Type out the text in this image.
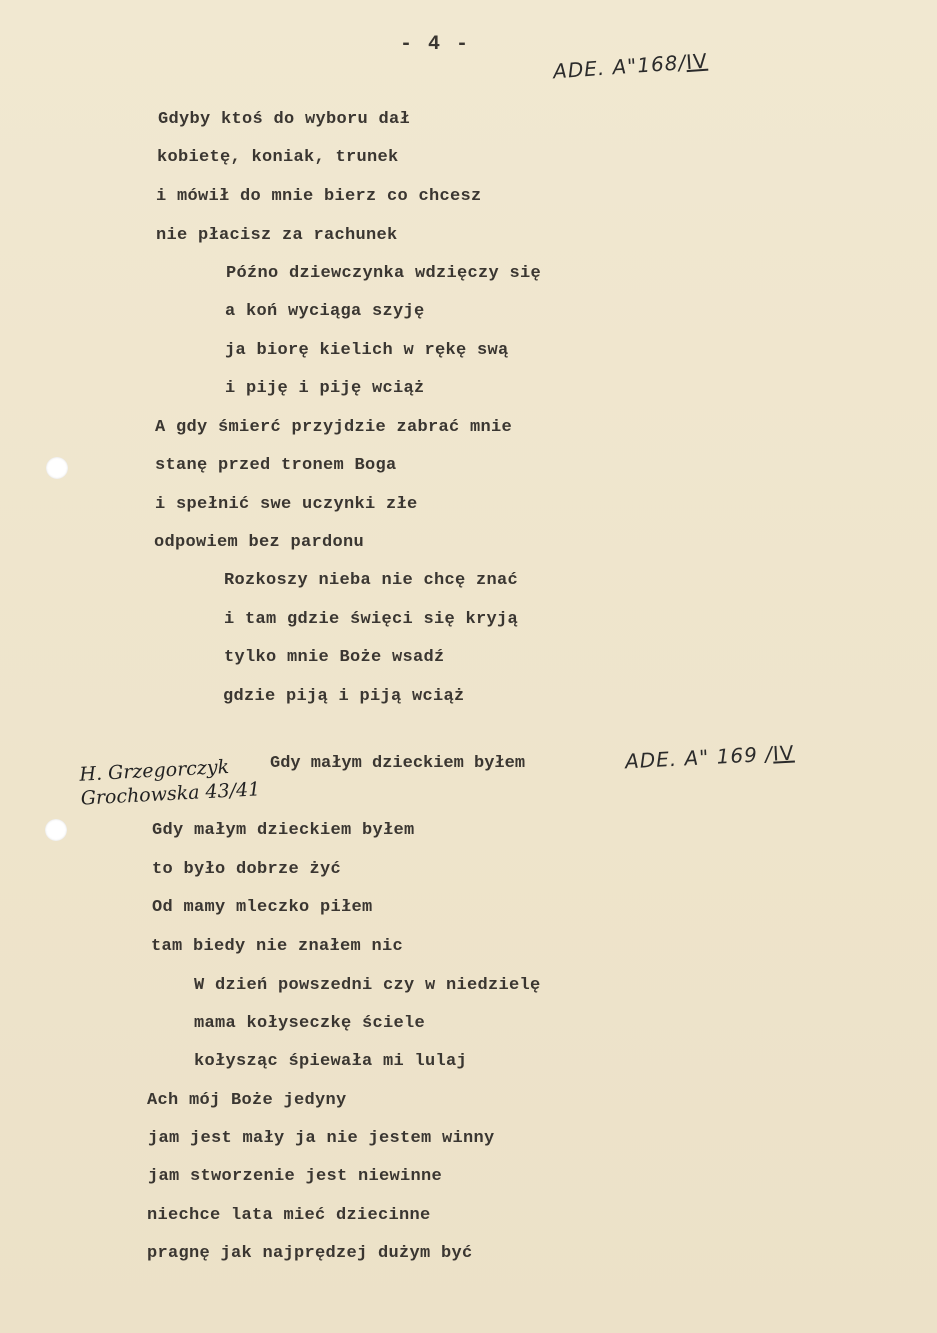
- 4 -
ADE. A"168/IV
Gdyby ktoś do wyboru dał
kobietę, koniak, trunek
i mówił do mnie bierz co chcesz
nie płacisz za rachunek
Późno dziewczynka wdzięczy się
a koń wyciąga szyję
ja biorę kielich w rękę swą
i piję i piję wciąż
A gdy śmierć przyjdzie zabrać mnie
stanę przed tronem Boga
i spełnić swe uczynki złe
odpowiem bez pardonu
Rozkoszy nieba nie chcę znać
i tam gdzie święci się kryją
tylko mnie Boże wsadź
gdzie piją i piją wciąż
H. Grzegorczyk
Grochowska 43/41
Gdy małym dzieckiem byłem	ADE. A" 169 /IV
Gdy małym dzieckiem byłem
to było dobrze żyć
Od mamy mleczko piłem
tam biedy nie znałem nic
W dzień powszedni czy w niedzielę
mama kołyseczkę ściele
kołysząc śpiewała mi lulaj
Ach mój Boże jedyny
jam jest mały ja nie jestem winny
jam stworzenie jest niewinne
niechce lata mieć dziecinne
pragnę jak najprędzej dużym być
